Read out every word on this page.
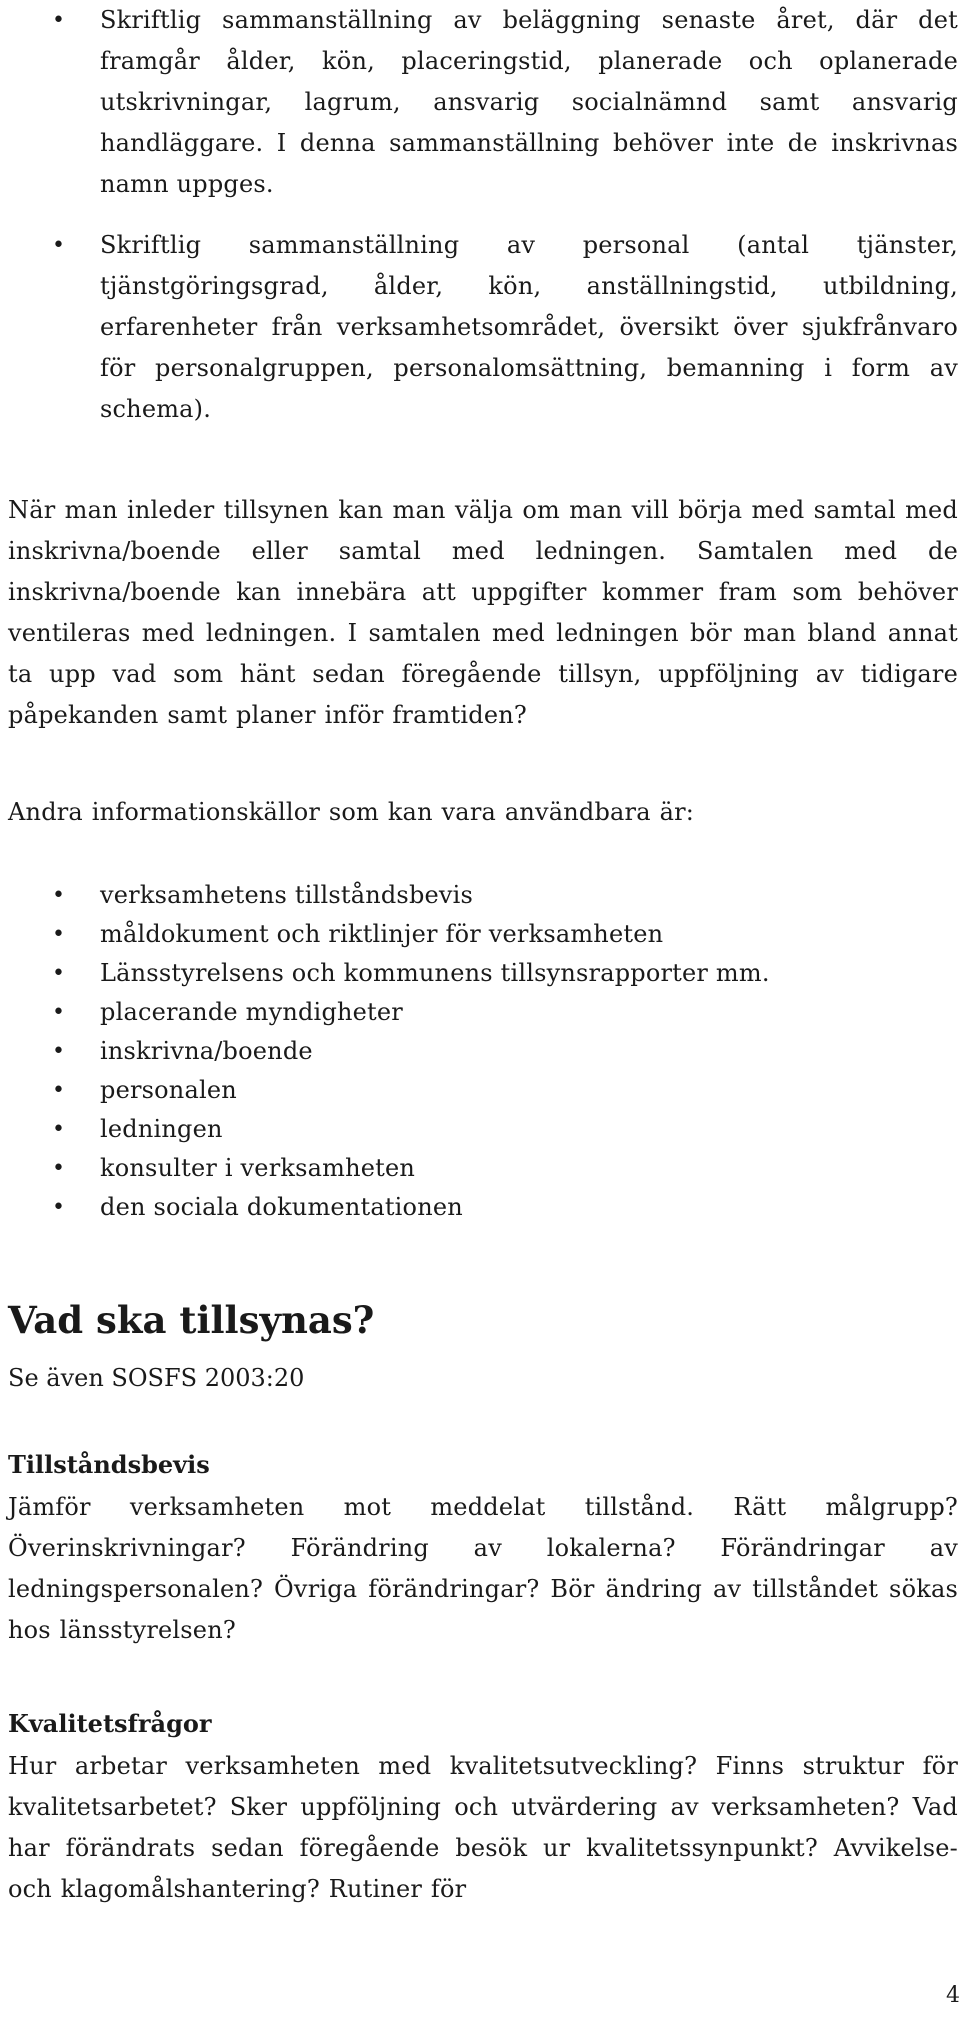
• Skriftlig sammanställning av beläggning senaste året, där det framgår ålder, kön, placeringstid, planerade och oplanerade utskrivningar, lagrum, ansvarig socialnämnd samt ansvarig handläggare. I denna sammanställning behöver inte de inskrivnas namn uppges.
• Skriftlig sammanställning av personal (antal tjänster, tjänstgöringsgrad, ålder, kön, anställningstid, utbildning, erfarenheter från verksamhetsområdet, översikt över sjukfrånvaro för personalgruppen, personalomsättning, bemanning i form av schema).
När man inleder tillsynen kan man välja om man vill börja med samtal med inskrivna/boende eller samtal med ledningen. Samtalen med de inskrivna/boende kan innebära att uppgifter kommer fram som behöver ventileras med ledningen. I samtalen med ledningen bör man bland annat ta upp vad som hänt sedan föregående tillsyn, uppföljning av tidigare påpekanden samt planer inför framtiden?
Andra informationskällor som kan vara användbara är:
• verksamhetens tillståndsbevis
• måldokument och riktlinjer för verksamheten
• Länsstyrelsens och kommunens tillsynsrapporter mm.
• placerande myndigheter
• inskrivna/boende
• personalen
• ledningen
• konsulter i verksamheten
• den sociala dokumentationen
Vad ska tillsynas?
Se även SOSFS 2003:20
Tillståndsbevis
Jämför verksamheten mot meddelat tillstånd. Rätt målgrupp? Överinskrivningar? Förändring av lokalerna? Förändringar av ledningspersonalen? Övriga förändringar? Bör ändring av tillståndet sökas hos länsstyrelsen?
Kvalitetsfrågor
Hur arbetar verksamheten med kvalitetsutveckling? Finns struktur för kvalitetsarbetet? Sker uppföljning och utvärdering av verksamheten? Vad har förändrats sedan föregående besök ur kvalitetssynpunkt? Avvikelse- och klagomålshantering? Rutiner för
4
